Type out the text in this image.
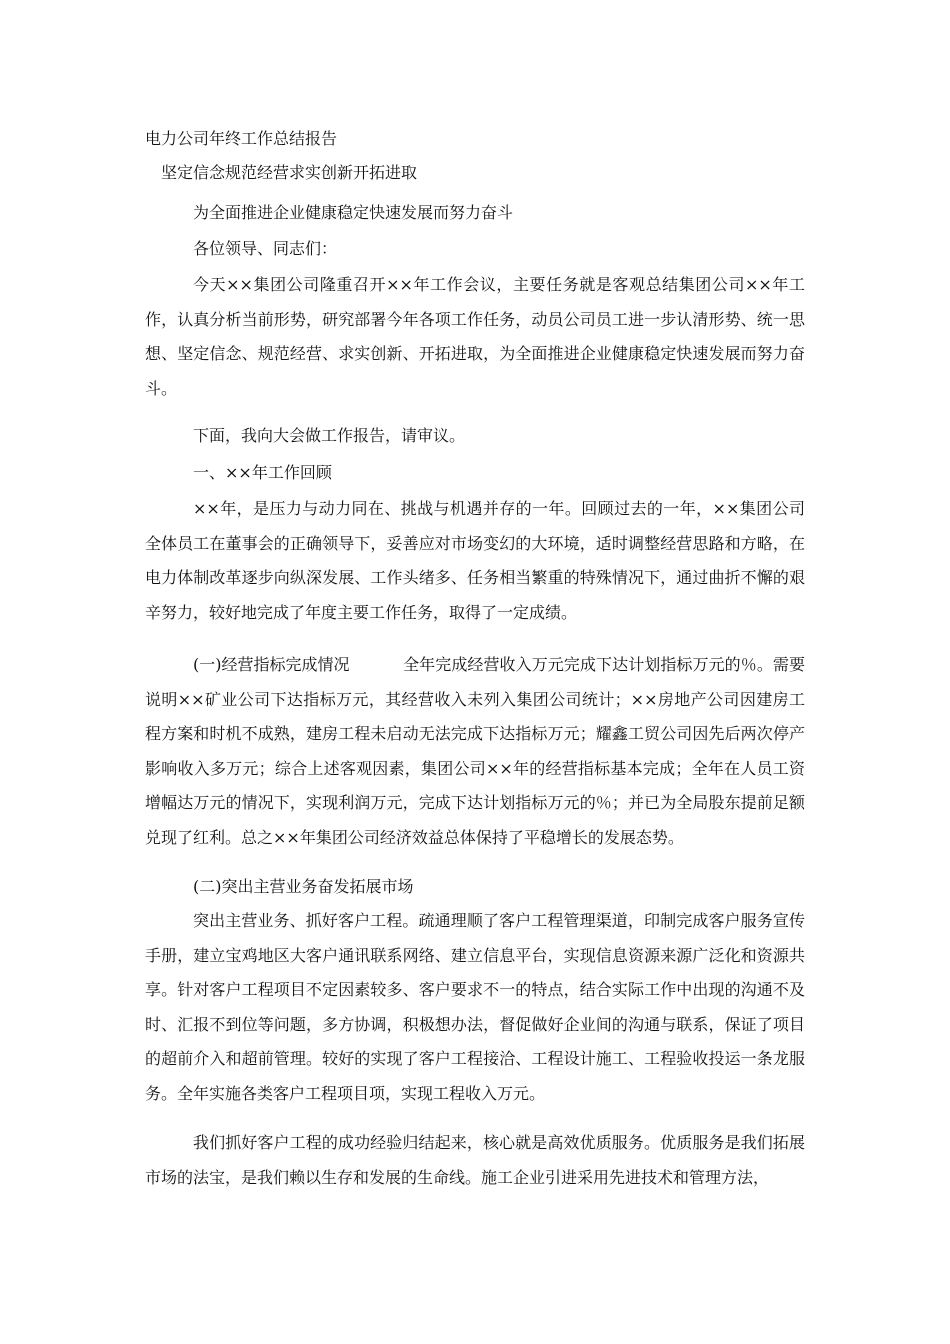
电力公司年终工作总结报告

坚定信念规范经营求实创新开拓进取

为全面推进企业健康稳定快速发展而努力奋斗

各位领导、同志们：

今天××集团公司隆重召开××年工作会议，主要任务就是客观总结集团公司××年工作，认真分析当前形势，研究部署今年各项工作任务，动员公司员工进一步认清形势、统一思想、坚定信念、规范经营、求实创新、开拓进取，为全面推进企业健康稳定快速发展而努力奋斗。

下面，我向大会做工作报告，请审议。

一、××年工作回顾

××年，是压力与动力同在、挑战与机遇并存的一年。回顾过去的一年，××集团公司全体员工在董事会的正确领导下，妥善应对市场变幻的大环境，适时调整经营思路和方略，在电力体制改革逐步向纵深发展、工作头绪多、任务相当繁重的特殊情况下，通过曲折不懈的艰辛努力，较好地完成了年度主要工作任务，取得了一定成绩。

(一)经营指标完成情况	全年完成经营收入万元完成下达计划指标万元的％。需要说明××矿业公司下达指标万元，其经营收入未列入集团公司统计；××房地产公司因建房工程方案和时机不成熟，建房工程未启动无法完成下达指标万元；耀鑫工贸公司因先后两次停产影响收入多万元；综合上述客观因素，集团公司××年的经营指标基本完成；全年在人员工资增幅达万元的情况下，实现利润万元，完成下达计划指标万元的％；并已为全局股东提前足额兑现了红利。总之××年集团公司经济效益总体保持了平稳增长的发展态势。

(二)突出主营业务奋发拓展市场

突出主营业务、抓好客户工程。疏通理顺了客户工程管理渠道，印制完成客户服务宣传手册，建立宝鸡地区大客户通讯联系网络、建立信息平台，实现信息资源来源广泛化和资源共享。针对客户工程项目不定因素较多、客户要求不一的特点，结合实际工作中出现的沟通不及时、汇报不到位等问题，多方协调，积极想办法，督促做好企业间的沟通与联系，保证了项目的超前介入和超前管理。较好的实现了客户工程接洽、工程设计施工、工程验收投运一条龙服务。全年实施各类客户工程项目项，实现工程收入万元。

我们抓好客户工程的成功经验归结起来，核心就是高效优质服务。优质服务是我们拓展市场的法宝，是我们赖以生存和发展的生命线。施工企业引进采用先进技术和管理方法，
